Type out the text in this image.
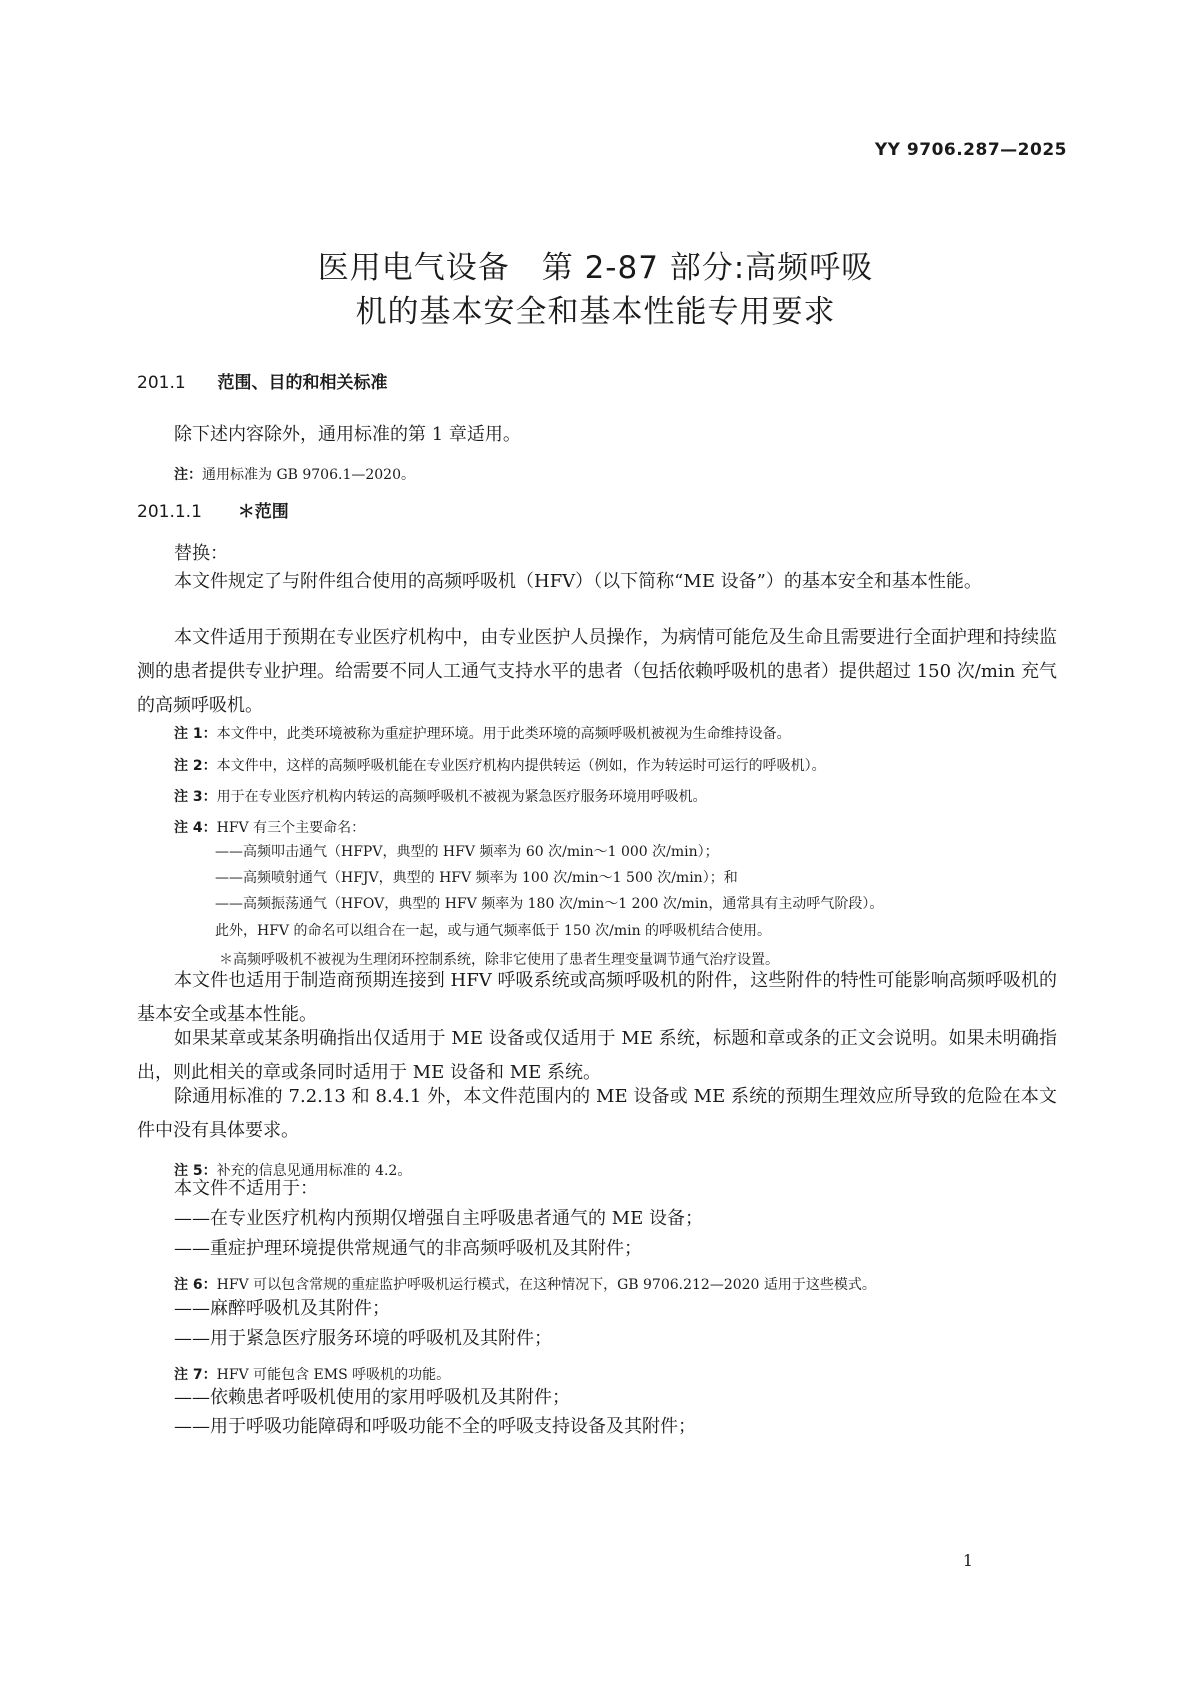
YY 9706.287—2025
医用电气设备　第 2-87 部分:高频呼吸
机的基本安全和基本性能专用要求
201.1 范围、目的和相关标准
除下述内容除外，通用标准的第 1 章适用。
注：通用标准为 GB 9706.1—2020。
201.1.1 ＊范围
替换：
本文件规定了与附件组合使用的高频呼吸机（HFV）（以下简称“ME 设备”）的基本安全和基本性能。
本文件适用于预期在专业医疗机构中，由专业医护人员操作，为病情可能危及生命且需要进行全面护理和持续监测的患者提供专业护理。给需要不同人工通气支持水平的患者（包括依赖呼吸机的患者）提供超过 150 次/min 充气的高频呼吸机。
注 1：本文件中，此类环境被称为重症护理环境。用于此类环境的高频呼吸机被视为生命维持设备。
注 2：本文件中，这样的高频呼吸机能在专业医疗机构内提供转运（例如，作为转运时可运行的呼吸机）。
注 3：用于在专业医疗机构内转运的高频呼吸机不被视为紧急医疗服务环境用呼吸机。
注 4：HFV 有三个主要命名：
——高频叩击通气（HFPV，典型的 HFV 频率为 60 次/min～1 000 次/min）；
——高频喷射通气（HFJV，典型的 HFV 频率为 100 次/min～1 500 次/min）；和
——高频振荡通气（HFOV，典型的 HFV 频率为 180 次/min～1 200 次/min，通常具有主动呼气阶段）。
此外，HFV 的命名可以组合在一起，或与通气频率低于 150 次/min 的呼吸机结合使用。
＊高频呼吸机不被视为生理闭环控制系统，除非它使用了患者生理变量调节通气治疗设置。
本文件也适用于制造商预期连接到 HFV 呼吸系统或高频呼吸机的附件，这些附件的特性可能影响高频呼吸机的基本安全或基本性能。
如果某章或某条明确指出仅适用于 ME 设备或仅适用于 ME 系统，标题和章或条的正文会说明。如果未明确指出，则此相关的章或条同时适用于 ME 设备和 ME 系统。
除通用标准的 7.2.13 和 8.4.1 外，本文件范围内的 ME 设备或 ME 系统的预期生理效应所导致的危险在本文件中没有具体要求。
注 5：补充的信息见通用标准的 4.2。
本文件不适用于：
——在专业医疗机构内预期仅增强自主呼吸患者通气的 ME 设备；
——重症护理环境提供常规通气的非高频呼吸机及其附件；
注 6：HFV 可以包含常规的重症监护呼吸机运行模式，在这种情况下，GB 9706.212—2020 适用于这些模式。
——麻醉呼吸机及其附件；
——用于紧急医疗服务环境的呼吸机及其附件；
注 7：HFV 可能包含 EMS 呼吸机的功能。
——依赖患者呼吸机使用的家用呼吸机及其附件；
——用于呼吸功能障碍和呼吸功能不全的呼吸支持设备及其附件；
1
